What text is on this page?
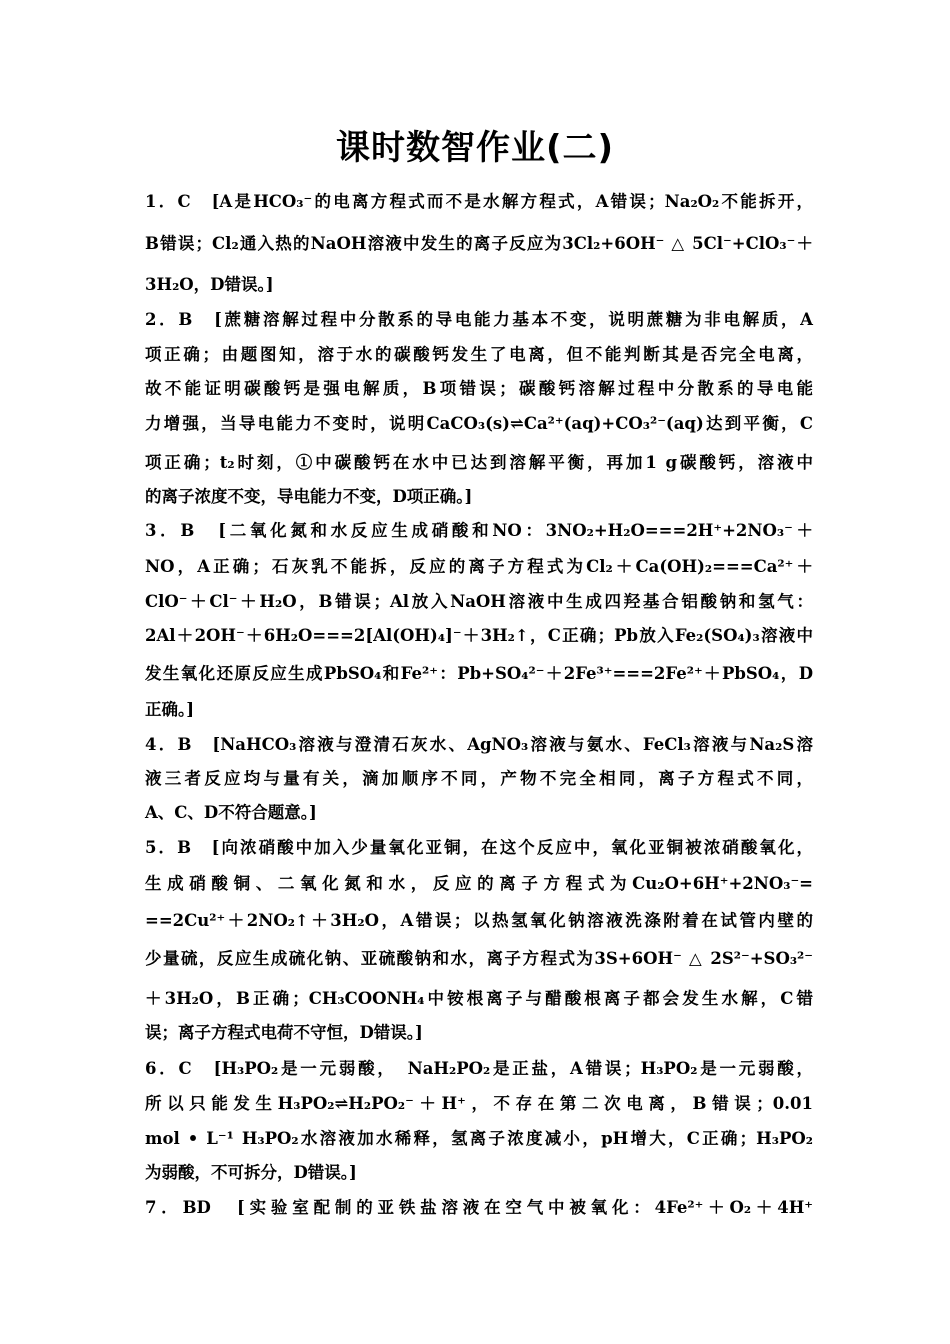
课时数智作业(二)
1．C　[A是HCO₃⁻的电离方程式而不是水解方程式，A错误；Na₂O₂不能拆开，
B错误；Cl₂通入热的NaOH溶液中发生的离子反应为3Cl₂+6OH⁻ △ 5Cl⁻+ClO₃⁻＋
3H₂O，D错误。]
2．B　[蔗糖溶解过程中分散系的导电能力基本不变，说明蔗糖为非电解质，A
项正确；由题图知，溶于水的碳酸钙发生了电离，但不能判断其是否完全电离，
故不能证明碳酸钙是强电解质，B项错误；碳酸钙溶解过程中分散系的导电能
力增强，当导电能力不变时，说明CaCO₃(s)⇌Ca²⁺(aq)+CO₃²⁻(aq)达到平衡，C
项正确；t₂时刻，①中碳酸钙在水中已达到溶解平衡，再加1 g碳酸钙，溶液中
的离子浓度不变，导电能力不变，D项正确。]
3．B　[二氧化氮和水反应生成硝酸和NO：3NO₂+H₂O===2H⁺+2NO₃⁻＋
NO，A正确；石灰乳不能拆，反应的离子方程式为Cl₂＋Ca(OH)₂===Ca²⁺＋
ClO⁻＋Cl⁻＋H₂O，B错误；Al放入NaOH溶液中生成四羟基合铝酸钠和氢气：
2Al＋2OH⁻＋6H₂O===2[Al(OH)₄]⁻＋3H₂↑，C正确；Pb放入Fe₂(SO₄)₃溶液中
发生氧化还原反应生成PbSO₄和Fe²⁺：Pb+SO₄²⁻＋2Fe³⁺===2Fe²⁺＋PbSO₄，D
正确。]
4．B　[NaHCO₃溶液与澄清石灰水、AgNO₃溶液与氨水、FeCl₃溶液与Na₂S溶
液三者反应均与量有关，滴加顺序不同，产物不完全相同，离子方程式不同，
A、C、D不符合题意。]
5．B　[向浓硝酸中加入少量氧化亚铜，在这个反应中，氧化亚铜被浓硝酸氧化，
生成硝酸铜、二氧化氮和水，反应的离子方程式为Cu₂O+6H⁺+2NO₃⁻=
==2Cu²⁺＋2NO₂↑＋3H₂O，A错误；以热氢氧化钠溶液洗涤附着在试管内壁的
少量硫，反应生成硫化钠、亚硫酸钠和水，离子方程式为3S+6OH⁻ △ 2S²⁻+SO₃²⁻
＋3H₂O，B正确；CH₃COONH₄中铵根离子与醋酸根离子都会发生水解，C错
误；离子方程式电荷不守恒，D错误。]
6．C　[H₃PO₂是一元弱酸，　NaH₂PO₂是正盐，A错误；H₃PO₂是一元弱酸，
所以只能发生H₃PO₂⇌H₂PO₂⁻＋H⁺，不存在第二次电离，B错误；0.01
mol • L⁻¹ H₃PO₂水溶液加水稀释，氢离子浓度减小，pH增大，C正确；H₃PO₂
为弱酸，不可拆分，D错误。]
7．BD　[实验室配制的亚铁盐溶液在空气中被氧化：4Fe²⁺＋O₂＋4H⁺
